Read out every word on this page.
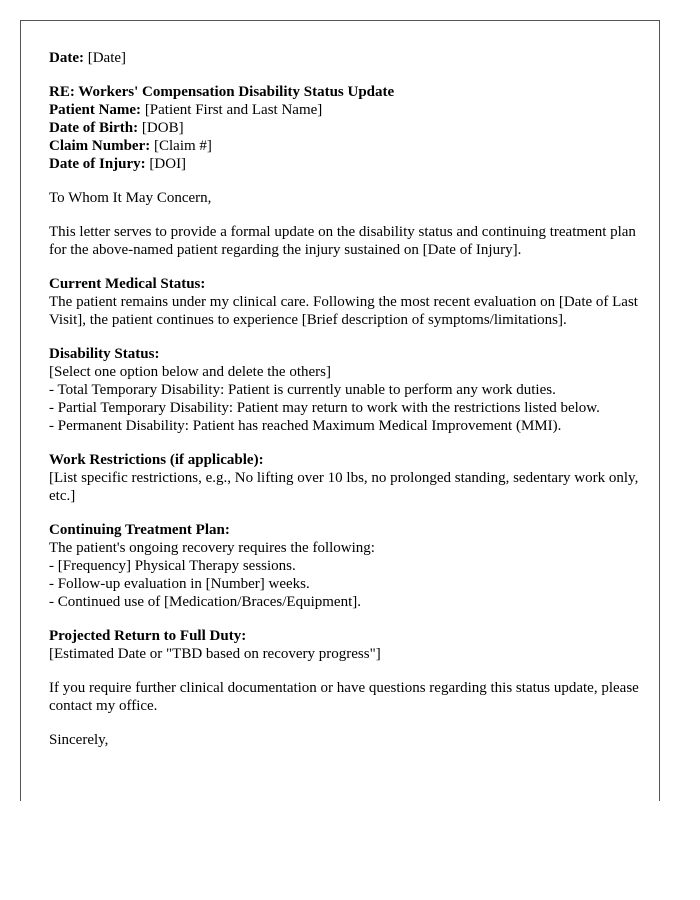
Date: [Date]
RE: Workers' Compensation Disability Status Update
Patient Name: [Patient First and Last Name]
Date of Birth: [DOB]
Claim Number: [Claim #]
Date of Injury: [DOI]
To Whom It May Concern,
This letter serves to provide a formal update on the disability status and continuing treatment plan for the above-named patient regarding the injury sustained on [Date of Injury].
Current Medical Status:
The patient remains under my clinical care. Following the most recent evaluation on [Date of Last Visit], the patient continues to experience [Brief description of symptoms/limitations].
Disability Status:
[Select one option below and delete the others]
- Total Temporary Disability: Patient is currently unable to perform any work duties.
- Partial Temporary Disability: Patient may return to work with the restrictions listed below.
- Permanent Disability: Patient has reached Maximum Medical Improvement (MMI).
Work Restrictions (if applicable):
[List specific restrictions, e.g., No lifting over 10 lbs, no prolonged standing, sedentary work only, etc.]
Continuing Treatment Plan:
The patient's ongoing recovery requires the following:
- [Frequency] Physical Therapy sessions.
- Follow-up evaluation in [Number] weeks.
- Continued use of [Medication/Braces/Equipment].
Projected Return to Full Duty:
[Estimated Date or "TBD based on recovery progress"]
If you require further clinical documentation or have questions regarding this status update, please contact my office.
Sincerely,
